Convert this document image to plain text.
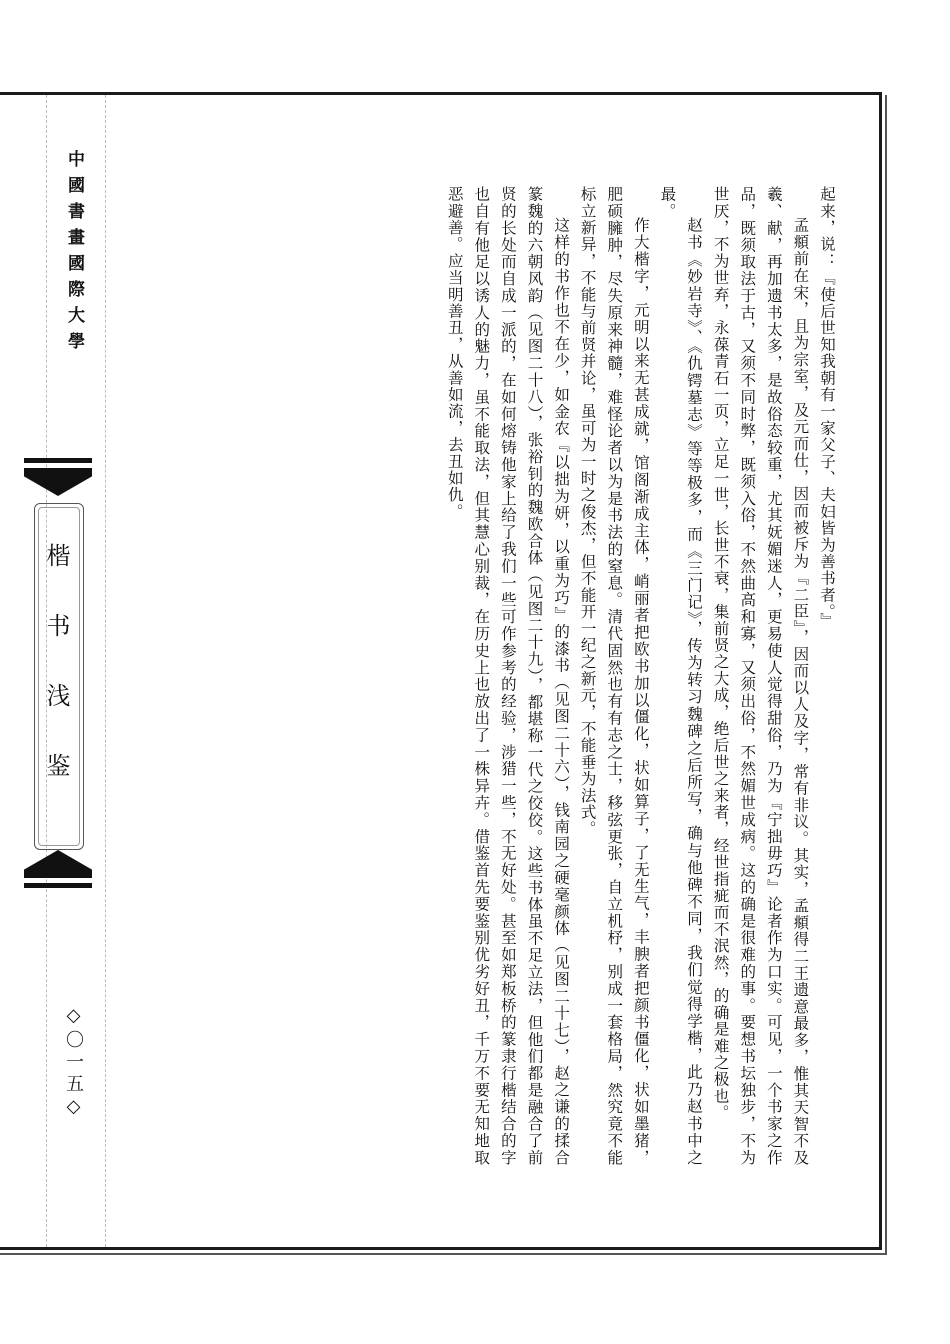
中國書畫國際大學
楷书浅鉴
◇〇一五◇

起来，说：『使后世知我朝有一家父子、夫妇皆为善书者。』

孟頫前在宋，且为宗室，及元而仕，因而被斥为『二臣』，因而以人及字，常有非议。其实，孟頫得二王遗意最多，惟其天智不及羲、献，再加遗书太多，是故俗态较重，尤其妩媚迷人，更易使人觉得甜俗，乃为『宁拙毋巧』论者作为口实。可见，一个书家之作品，既须取法于古，又须不同时弊，既须入俗，不然曲高和寡，又须出俗，不然媚世成病。这的确是很难的事。要想书坛独步，不为世厌，不为世弃，永葆青石一页，立足一世，长世不衰，集前贤之大成，绝后世之来者，经世指疵而不泯然，的确是难之极也。

赵书《妙岩寺》、《仇锷墓志》等等极多，而《三门记》，传为转习魏碑之后所写，确与他碑不同，我们觉得学楷，此乃赵书中之最。

作大楷字，元明以来无甚成就，馆阁渐成主体，峭丽者把欧书加以僵化，状如算子，了无生气，丰腴者把颜书僵化，状如墨猪，肥硕臃肿，尽失原来神髓，难怪论者以为是书法的窒息。清代固然也有有志之士，移弦更张，自立机杼，别成一套格局，然究竟不能标立新异，不能与前贤并论，虽可为一时之俊杰，但不能开一纪之新元，不能垂为法式。

这样的书作也不在少，如金农『以拙为妍，以重为巧』的漆书（见图二十六），钱南园之硬毫颜体（见图二十七），赵之谦的揉合篆魏的六朝风韵（见图二十八），张裕钊的魏欧合体（见图二十九），都堪称一代之佼佼。这些书体虽不足立法，但他们都是融合了前贤的长处而自成一派的，在如何熔铸他家上给了我们一些可作参考的经验，涉猎一些，不无好处。甚至如郑板桥的篆隶行楷结合的字也自有他足以诱人的魅力，虽不能取法，但其慧心别裁，在历史上也放出了一株异卉。借鉴首先要鉴别优劣好丑，千万不要无知地取恶避善。应当明善丑，从善如流，去丑如仇。
